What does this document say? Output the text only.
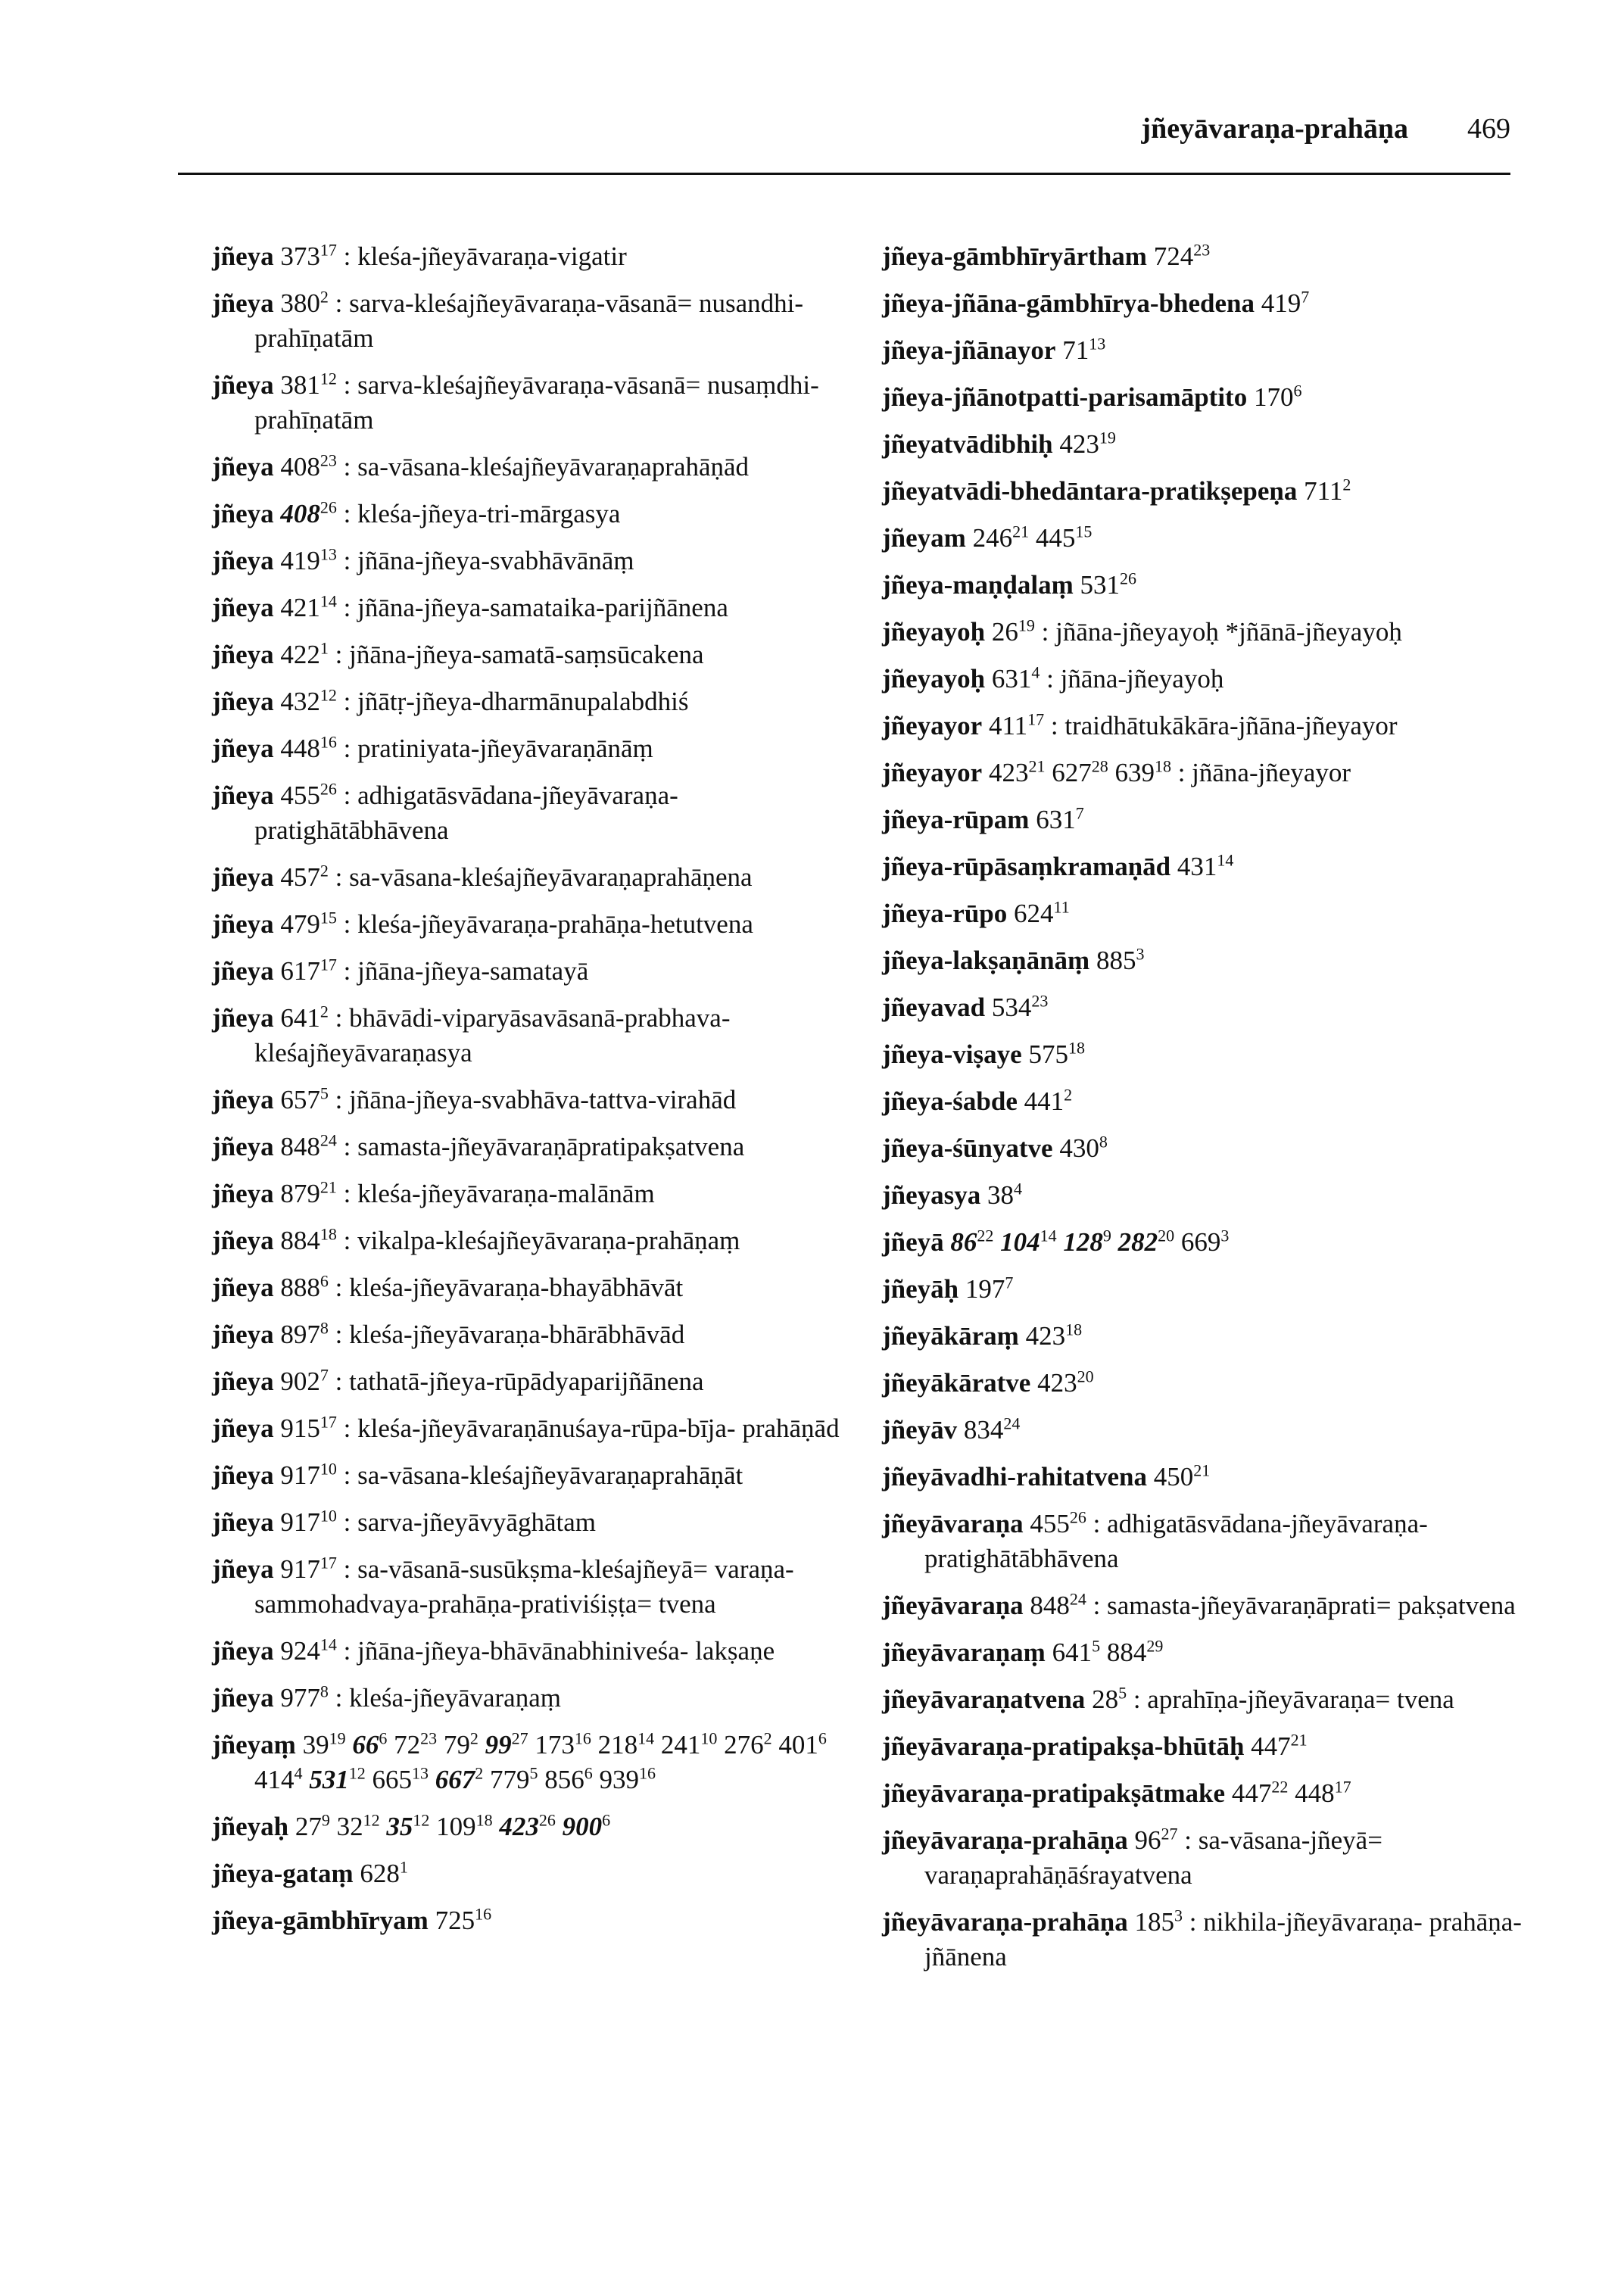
jñeyāvaraṇa-prahāṇa 469
jñeya $373^{17}$ : kleśa-jñeyāvaraṇa-vigatir
jñeya $380^2$ : sarva-kleśajñeyāvaraṇa-vāsanā= nusandhi-prahīṇatām
jñeya $381^{12}$ : sarva-kleśajñeyāvaraṇa-vāsanā= nusaṃdhi-prahīṇatām
jñeya $408^{23}$ : sa-vāsana-kleśajñeyāvaraṇaprahāṇād
jñeya $408^{26}$ : kleśa-jñeya-tri-mārgasya
jñeya $419^{13}$ : jñāna-jñeya-svabhāvānāṃ
jñeya $421^{14}$ : jñāna-jñeya-samataika-parijñānena
jñeya $422^1$ : jñāna-jñeya-samatā-saṃsūcakena
jñeya $432^{12}$ : jñātṛ-jñeya-dharmānupalabdhiś
jñeya $448^{16}$ : pratiniyata-jñeyāvaraṇānāṃ
jñeya $455^{26}$ : adhigatāsvādana-jñeyāvaraṇa- pratighātābhāvena
jñeya $457^2$ : sa-vāsana-kleśajñeyāvaraṇaprahāṇena
jñeya $479^{15}$ : kleśa-jñeyāvaraṇa-prahāṇa-hetutvena
jñeya $617^{17}$ : jñāna-jñeya-samatayā
jñeya $641^2$ : bhāvādi-viparyāsavāsanā-prabhava- kleśajñeyāvaraṇasya
jñeya $657^5$ : jñāna-jñeya-svabhāva-tattva-virahād
jñeya $848^{24}$ : samasta-jñeyāvaraṇāpratipakṣatvena
jñeya $879^{21}$ : kleśa-jñeyāvaraṇa-malānām
jñeya $884^{18}$ : vikalpa-kleśajñeyāvaraṇa-prahāṇaṃ
jñeya $888^6$ : kleśa-jñeyāvaraṇa-bhayābhāvāt
jñeya $897^8$ : kleśa-jñeyāvaraṇa-bhārābhāvād
jñeya $902^7$ : tathatā-jñeya-rūpādyaparijñānena
jñeya $915^{17}$ : kleśa-jñeyāvaraṇānuśaya-rūpa-bīja- prahāṇād
jñeya $917^{10}$ : sa-vāsana-kleśajñeyāvaraṇaprahāṇāt
jñeya $917^{10}$ : sarva-jñeyāvyāghātam
jñeya $917^{17}$ : sa-vāsanā-susūkṣma-kleśajñeyā= varaṇa-sammohadvaya-prahāṇa-prativiśiṣṭa= tvena
jñeya $924^{14}$ : jñāna-jñeya-bhāvānabhiniveśa- lakṣaṇe
jñeya $977^8$ : kleśa-jñeyāvaraṇaṃ
jñeyaṃ $39^{19}$ $66^6$ $72^{23}$ $79^2$ $99^{27}$ $173^{16}$ $218^{14}$ $241^{10}$ $276^2$ $401^6$ $414^4$ $531^{12}$ $665^{13}$ $667^2$ $779^5$ $856^6$ $939^{16}$
jñeyaḥ $27^9$ $32^{12}$ $35^{12}$ $109^{18}$ $423^{26}$ $900^6$
jñeya-gataṃ $628^1$
jñeya-gāmbhīryam $725^{16}$
jñeya-gāmbhīryārtham $724^{23}$
jñeya-jñāna-gāmbhīrya-bhedena $419^7$
jñeya-jñānayor $71^{13}$
jñeya-jñānotpatti-parisamāptito $170^6$
jñeyatvādibhiḥ $423^{19}$
jñeyatvādi-bhedāntara-pratikṣepeṇa $711^2$
jñeyam $246^{21}$ $445^{15}$
jñeya-maṇḍalaṃ $531^{26}$
jñeyayoḥ $26^{19}$ : jñāna-jñeyayoḥ *jñānā-jñeyayoḥ
jñeyayoḥ $631^4$ : jñāna-jñeyayoḥ
jñeyayor $411^{17}$ : traidhātukākāra-jñāna-jñeyayor
jñeyayor $423^{21}$ $627^{28}$ $639^{18}$ : jñāna-jñeyayor
jñeya-rūpam $631^7$
jñeya-rūpāsaṃkramaṇād $431^{14}$
jñeya-rūpo $624^{11}$
jñeya-lakṣaṇānāṃ $885^3$
jñeyavad $534^{23}$
jñeya-viṣaye $575^{18}$
jñeya-śabde $441^2$
jñeya-śūnyatve $430^8$
jñeyasya $38^4$
jñeyā $86^{22}$ $104^{14}$ $128^9$ $282^{20}$ $669^3$
jñeyāḥ $197^7$
jñeyākāraṃ $423^{18}$
jñeyākāratve $423^{20}$
jñeyāv $834^{24}$
jñeyāvadhi-rahitatvena $450^{21}$
jñeyāvaraṇa $455^{26}$ : adhigatāsvādana-jñeyāvaraṇa- pratighātābhāvena
jñeyāvaraṇa $848^{24}$ : samasta-jñeyāvaraṇāprati= pakṣatvena
jñeyāvaraṇaṃ $641^5$ $884^{29}$
jñeyāvaraṇatvena $28^5$ : aprahīṇa-jñeyāvaraṇa= tvena
jñeyāvaraṇa-pratipakṣa-bhūtāḥ $447^{21}$
jñeyāvaraṇa-pratipakṣātmake $447^{22}$ $448^{17}$
jñeyāvaraṇa-prahāṇa $96^{27}$ : sa-vāsana-jñeyā= varaṇaprahāṇāśrayatvena
jñeyāvaraṇa-prahāṇa $185^3$ : nikhila-jñeyāvaraṇa- prahāṇa-jñānena
